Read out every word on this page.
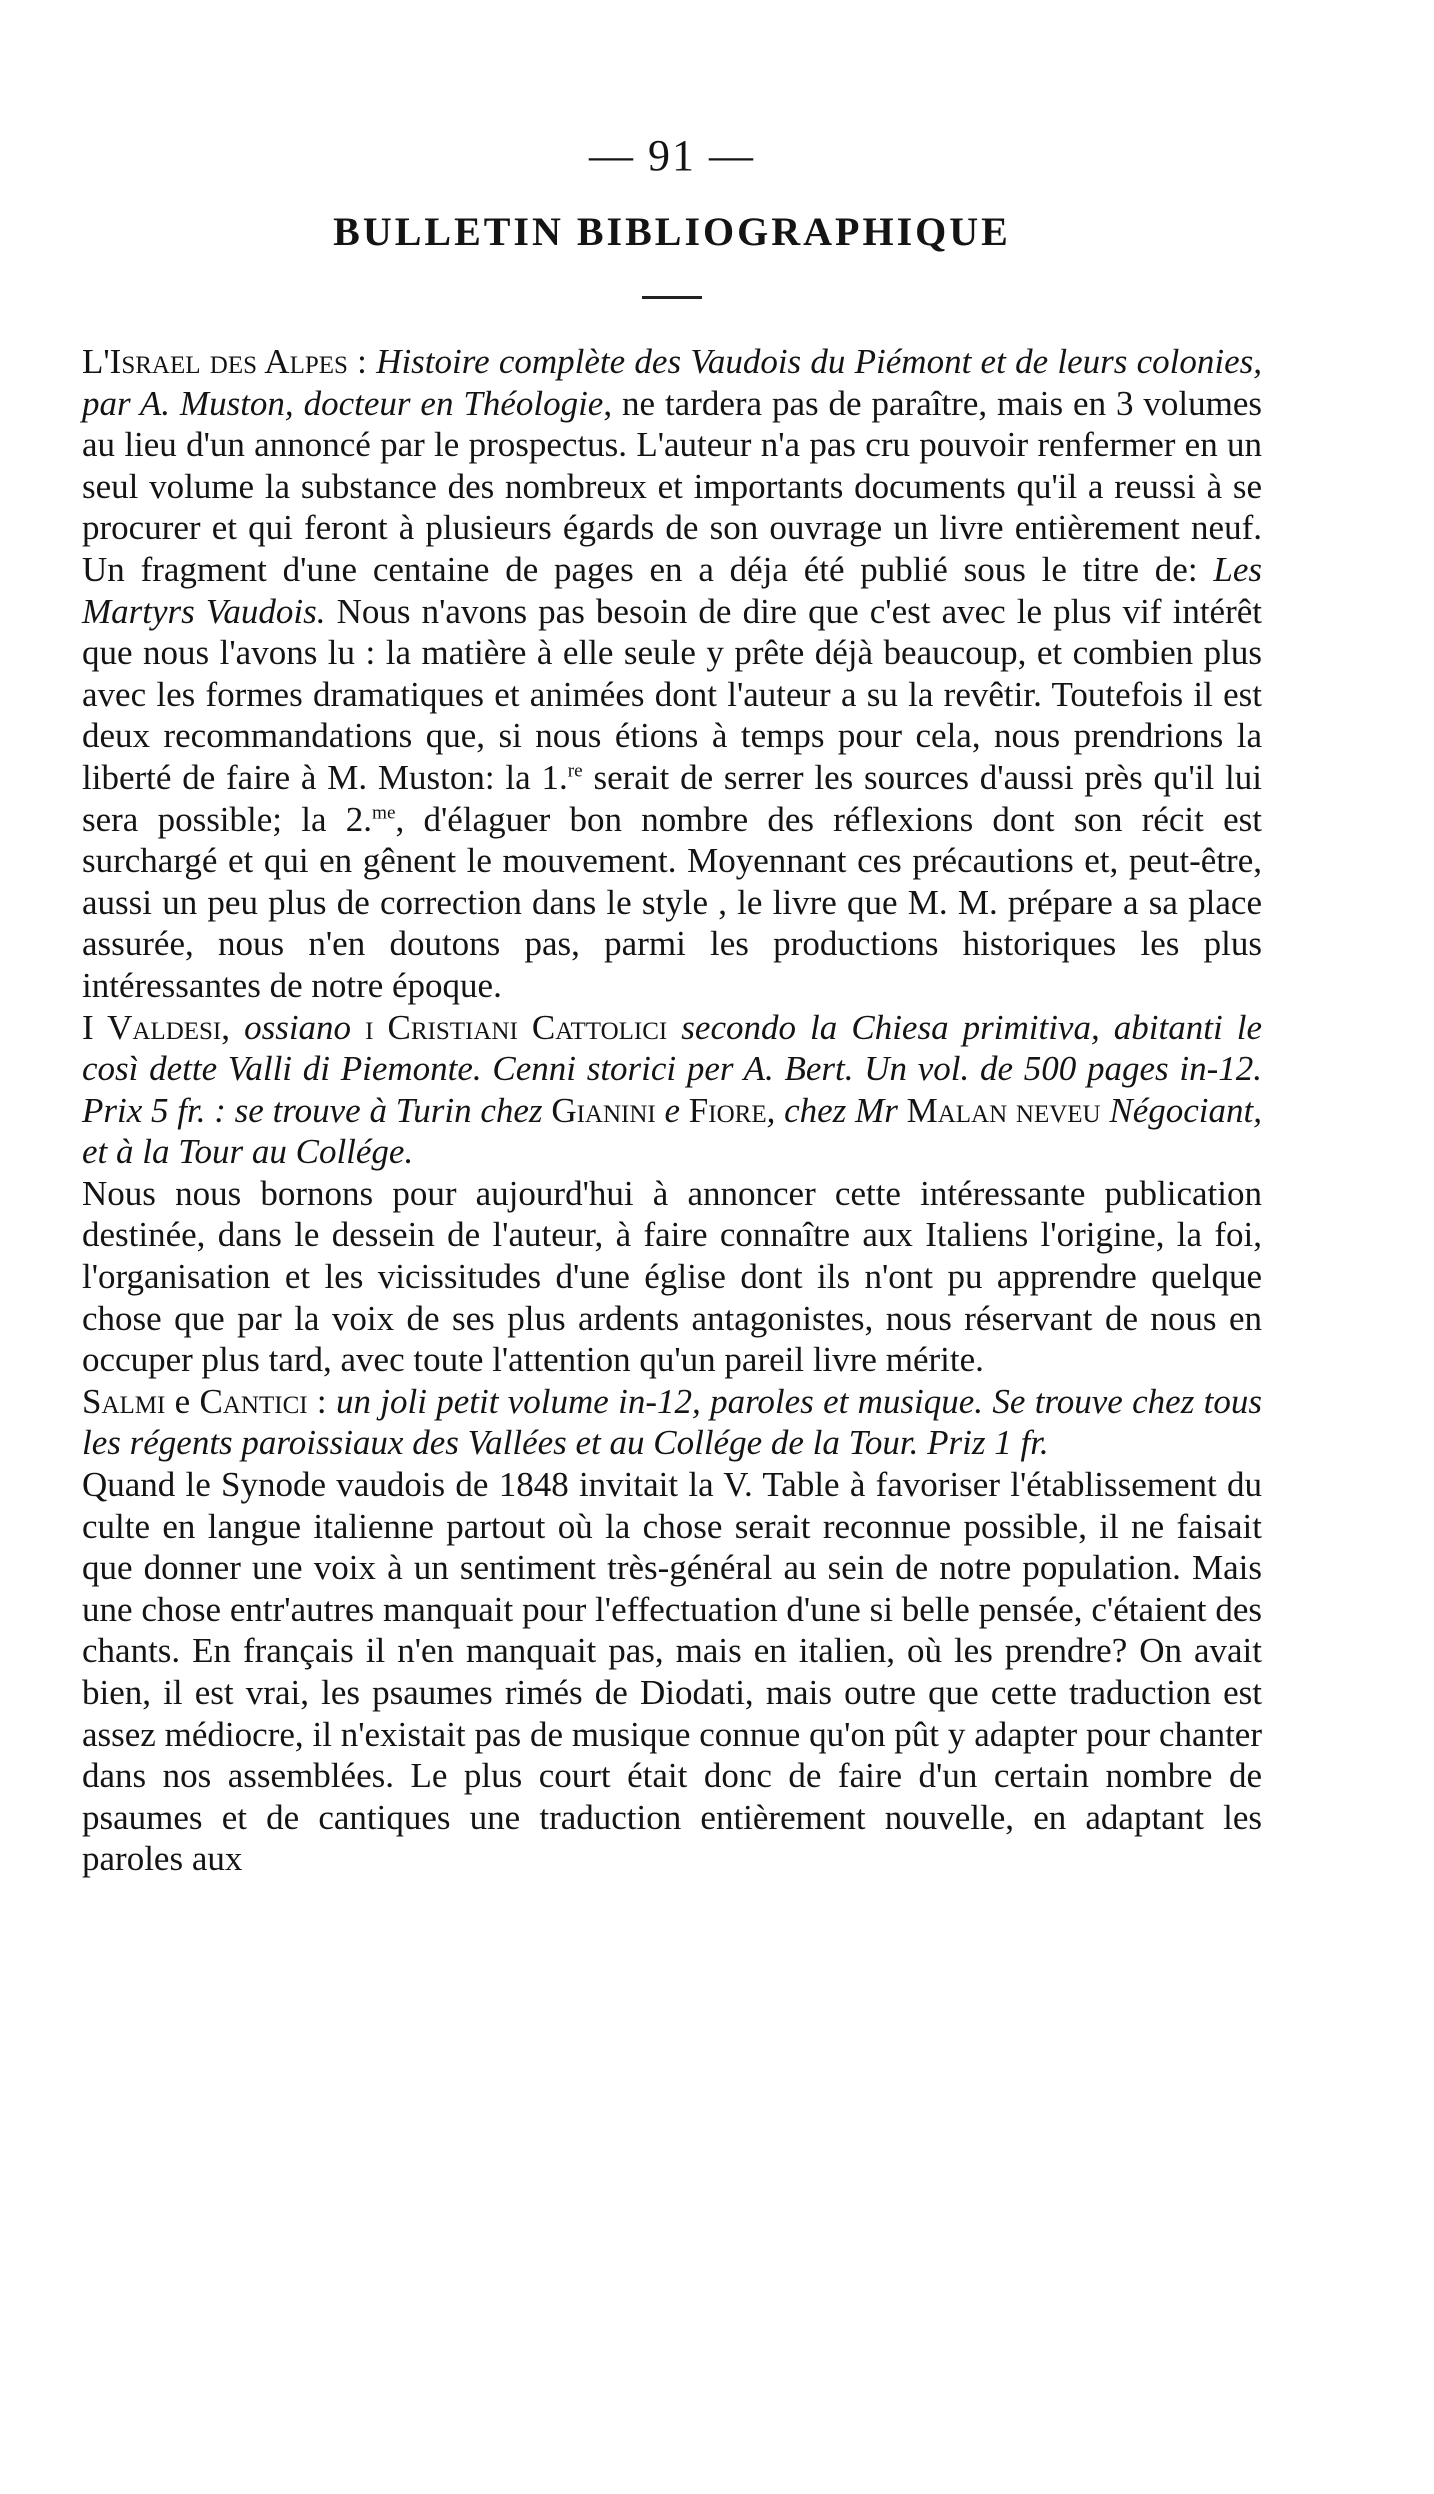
— 91 —
BULLETIN BIBLIOGRAPHIQUE

L'Israel des Alpes : Histoire complète des Vaudois du Piémont et de leurs colonies, par A. Muston, docteur en Théologie, ne tardera pas de paraître, mais en 3 volumes au lieu d'un annoncé par le prospectus. L'auteur n'a pas cru pouvoir renfermer en un seul volume la substance des nombreux et importants documents qu'il a reussi à se procurer et qui feront à plusieurs égards de son ouvrage un livre entièrement neuf. Un fragment d'une centaine de pages en a déja été publié sous le titre de: Les Martyrs Vaudois. Nous n'avons pas besoin de dire que c'est avec le plus vif intérêt que nous l'avons lu : la matière à elle seule y prête déjà beaucoup, et combien plus avec les formes dramatiques et animées dont l'auteur a su la revêtir. Toutefois il est deux recommandations que, si nous étions à temps pour cela, nous prendrions la liberté de faire à M. Muston: la 1.$^{re}$ serait de serrer les sources d'aussi près qu'il lui sera possible; la 2.$^{me}$, d'élaguer bon nombre des réflexions dont son récit est surchargé et qui en gênent le mouvement. Moyennant ces précautions et, peut-être, aussi un peu plus de correction dans le style , le livre que M. M. prépare a sa place assurée, nous n'en doutons pas, parmi les productions historiques les plus intéressantes de notre époque.

I Valdesi, ossiano i Cristiani Cattolici secondo la Chiesa primitiva, abitanti le così dette Valli di Piemonte. Cenni storici per A. Bert. Un vol. de 500 pages in-12. Prix 5 fr. : se trouve à Turin chez Gianini e Fiore, chez Mr Malan neveu Négociant, et à la Tour au Collége.

Nous nous bornons pour aujourd'hui à annoncer cette intéressante publication destinée, dans le dessein de l'auteur, à faire connaître aux Italiens l'origine, la foi, l'organisation et les vicissitudes d'une église dont ils n'ont pu apprendre quelque chose que par la voix de ses plus ardents antagonistes, nous réservant de nous en occuper plus tard, avec toute l'attention qu'un pareil livre mérite.

Salmi e Cantici : un joli petit volume in-12, paroles et musique. Se trouve chez tous les régents paroissiaux des Vallées et au Collége de la Tour. Priz 1 fr.

Quand le Synode vaudois de 1848 invitait la V. Table à favoriser l'établissement du culte en langue italienne partout où la chose serait reconnue possible, il ne faisait que donner une voix à un sentiment très-général au sein de notre population. Mais une chose entr'autres manquait pour l'effectuation d'une si belle pensée, c'étaient des chants. En français il n'en manquait pas, mais en italien, où les prendre? On avait bien, il est vrai, les psaumes rimés de Diodati, mais outre que cette traduction est assez médiocre, il n'existait pas de musique connue qu'on pût y adapter pour chanter dans nos assemblées. Le plus court était donc de faire d'un certain nombre de psaumes et de cantiques une traduction entièrement nouvelle, en adaptant les paroles aux
